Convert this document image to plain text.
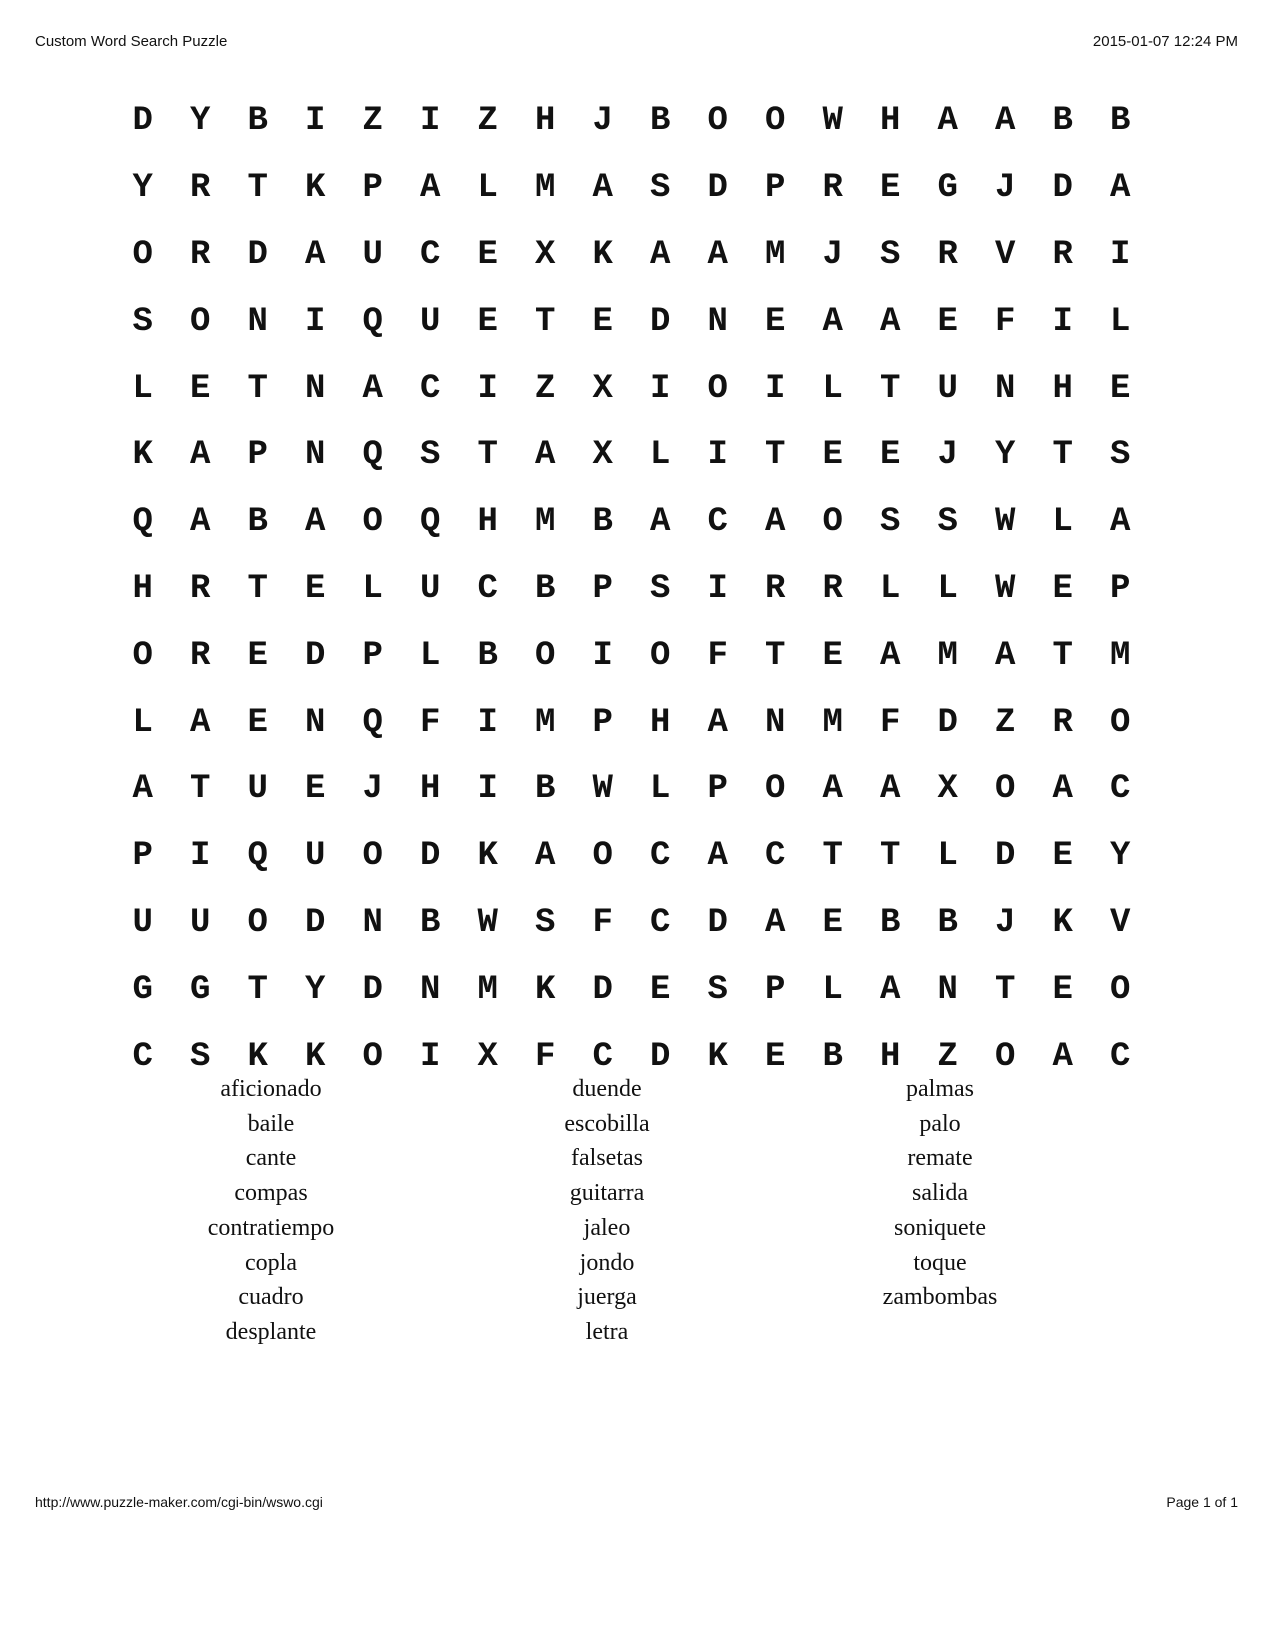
Custom Word Search Puzzle	2015-01-07 12:24 PM
D	Y	B	I	Z	I	Z	H	J	B	O	O	W	H	A	A	B	B
Y	R	T	K	P	A	L	M	A	S	D	P	R	E	G	J	D	A
O	R	D	A	U	C	E	X	K	A	A	M	J	S	R	V	R	I
S	O	N	I	Q	U	E	T	E	D	N	E	A	A	E	F	I	L
L	E	T	N	A	C	I	Z	X	I	O	I	L	T	U	N	H	E
K	A	P	N	Q	S	T	A	X	L	I	T	E	E	J	Y	T	S
Q	A	B	A	O	Q	H	M	B	A	C	A	O	S	S	W	L	A
H	R	T	E	L	U	C	B	P	S	I	R	R	L	L	W	E	P
O	R	E	D	P	L	B	O	I	O	F	T	E	A	M	A	T	M
L	A	E	N	Q	F	I	M	P	H	A	N	M	F	D	Z	R	O
A	T	U	E	J	H	I	B	W	L	P	O	A	A	X	O	A	C
P	I	Q	U	O	D	K	A	O	C	A	C	T	T	L	D	E	Y
U	U	O	D	N	B	W	S	F	C	D	A	E	B	B	J	K	V
G	G	T	Y	D	N	M	K	D	E	S	P	L	A	N	T	E	O
C	S	K	K	O	I	X	F	C	D	K	E	B	H	Z	O	A	C
aficionado
baile
cante
compas
contratiempo
copla
cuadro
desplante
duende
escobilla
falsetas
guitarra
jaleo
jondo
juerga
letra
palmas
palo
remate
salida
soniquete
toque
zambombas
http://www.puzzle-maker.com/cgi-bin/wswo.cgi	Page 1 of 1
